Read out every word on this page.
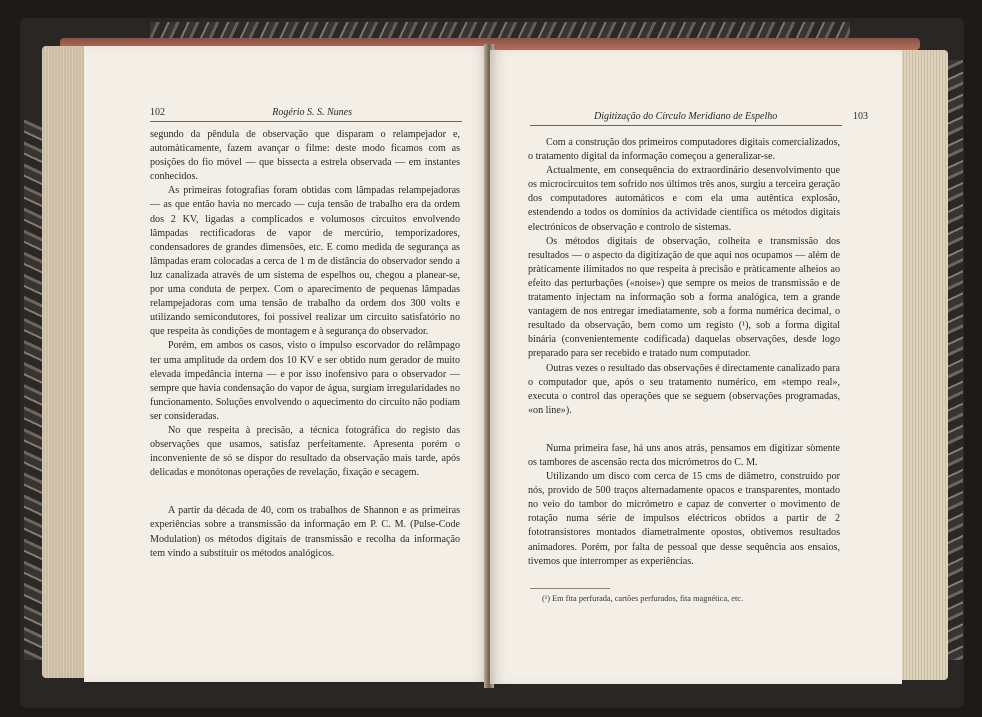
102	Rogério S. S. Nunes

segundo da pêndula de observação que disparam o relampejador e, automàticamente, fazem avançar o filme: deste modo ficamos com as posições do fio móvel — que bissecta a estrela observada — em instantes conhecidos.

As primeiras fotografias foram obtidas com lâmpadas relampejadoras — as que então havia no mercado — cuja tensão de trabalho era da ordem dos 2 KV, ligadas a complicados e volumosos circuitos envolvendo lâmpadas rectificadoras de vapor de mercúrio, temporizadores, condensadores de grandes dimensões, etc. E como medida de segurança as lâmpadas eram colocadas a cerca de 1 m de distância do observador sendo a luz canalizada através de um sistema de espelhos ou, chegou a planear-se, por uma conduta de perpex. Com o aparecimento de pequenas lâmpadas relampejadoras com uma tensão de trabalho da ordem dos 300 volts e utilizando semicondutores, foi possível realizar um circuito satisfatório no que respeita às condições de montagem e à segurança do observador.

Porém, em ambos os casos, visto o impulso escorvador do relâmpago ter uma amplitude da ordem dos 10 KV e ser obtido num gerador de muito elevada impedância interna — e por isso inofensivo para o observador — sempre que havia condensação do vapor de água, surgiam irregularidades no funcionamento. Soluções envolvendo o aquecimento do circuito não podiam ser consideradas.

No que respeita à precisão, a técnica fotográfica do registo das observações que usamos, satisfaz perfeitamente. Apresenta porém o inconveniente de só se dispor do resultado da observação mais tarde, após delicadas e monótonas operações de revelação, fixação e secagem.

A partir da década de 40, com os trabalhos de Shannon e as primeiras experiências sobre a transmissão da informação em P. C. M. (Pulse-Code Modulation) os métodos digitais de transmissão e recolha da informação tem vindo a substituir os métodos analógicos.

Digitização do Círculo Meridiano de Espelho	103

Com a construção dos primeiros computadores digitais comercializados, o tratamento digital da informação começou a generalizar-se.

Actualmente, em consequência do extraordinário desenvolvimento que os microcircuitos tem sofrido nos últimos três anos, surgiu a terceira geração dos computadores automáticos e com ela uma autêntica explosão, estendendo a todos os domínios da actividade científica os métodos digitais electrónicos de observação e controlo de sistemas.

Os métodos digitais de observação, colheita e transmissão dos resultados — o aspecto da digitização de que aqui nos ocupamos — além de pràticamente ilimitados no que respeita à precisão e pràticamente alheios ao efeito das perturbações («noise») que sempre os meios de transmissão e de tratamento injectam na informação sob a forma analógica, tem a grande vantagem de nos entregar imediatamente, sob a forma numérica decimal, o resultado da observação, bem como um registo (¹), sob a forma digital binária (convenientemente codificada) daquelas observações, desde logo preparado para ser recebido e tratado num computador.

Outras vezes o resultado das observações é directamente canalizado para o computador que, após o seu tratamento numérico, em «tempo real», executa o control das operações que se seguem (observações programadas, «on line»).

Numa primeira fase, há uns anos atrás, pensamos em digitizar sòmente os tambores de ascensão recta dos micrómetros do C. M.

Utilizando um disco com cerca de 15 cms de diâmetro, construido por nós, provido de 500 traços alternadamente opacos e transparentes, montado no veio do tambor do micrómetro e capaz de converter o movimento de rotação numa série de impulsos eléctricos obtidos a partir de 2 fototransistores montados diametralmente opostos, obtivemos resultados animadores. Porém, por falta de pessoal que desse sequência aos ensaios, tivemos que interromper as experiências.

(¹) Em fita perfurada, cartões perfurados, fita magnética, etc.
